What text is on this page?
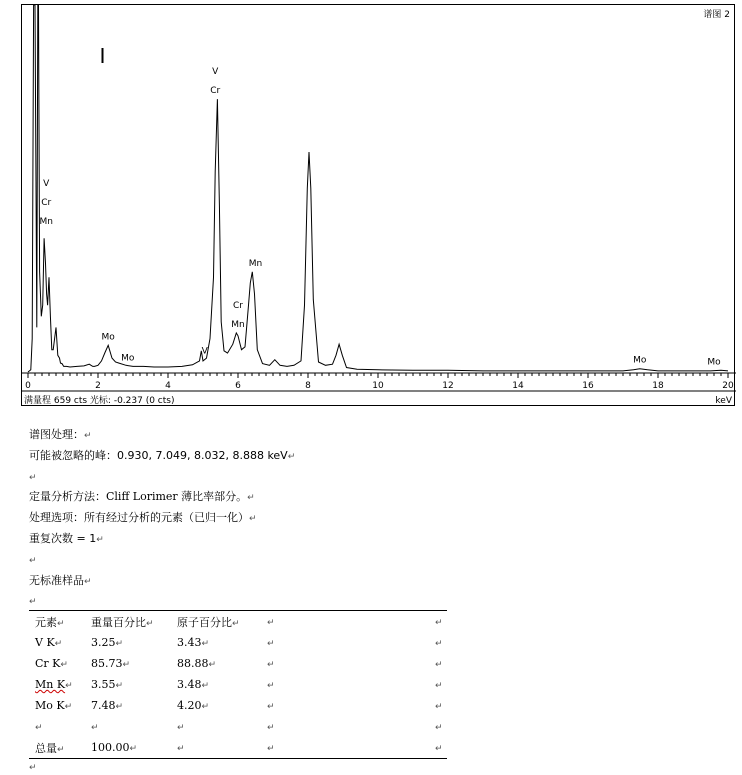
0	2	4	6	8	10	12	14	16	18	20
V
Cr
Mn
Mo
Mo
V
V
Cr
Cr
Mn
Mn
Mo	Mo
谱图 2
满量程 659 cts 光标: -0.237 (0 cts)	keV
谱图处理：↵
可能被忽略的峰：0.930, 7.049, 8.032, 8.888 keV↵
↵
定量分析方法：Cliff Lorimer 薄比率部分。↵
处理选项：所有经过分析的元素（已归一化）↵
重复次数 = 1↵
↵
无标准样品↵
↵
元素↵	重量百分比↵	原子百分比↵	↵	↵
V K↵	3.25↵	3.43↵	↵	↵
Cr K↵	85.73↵	88.88↵	↵	↵
Mn K↵	3.55↵	3.48↵	↵	↵
Mo K↵	7.48↵	4.20↵	↵	↵
↵	↵	↵	↵	↵
总量↵	100.00↵	↵	↵	↵
↵
